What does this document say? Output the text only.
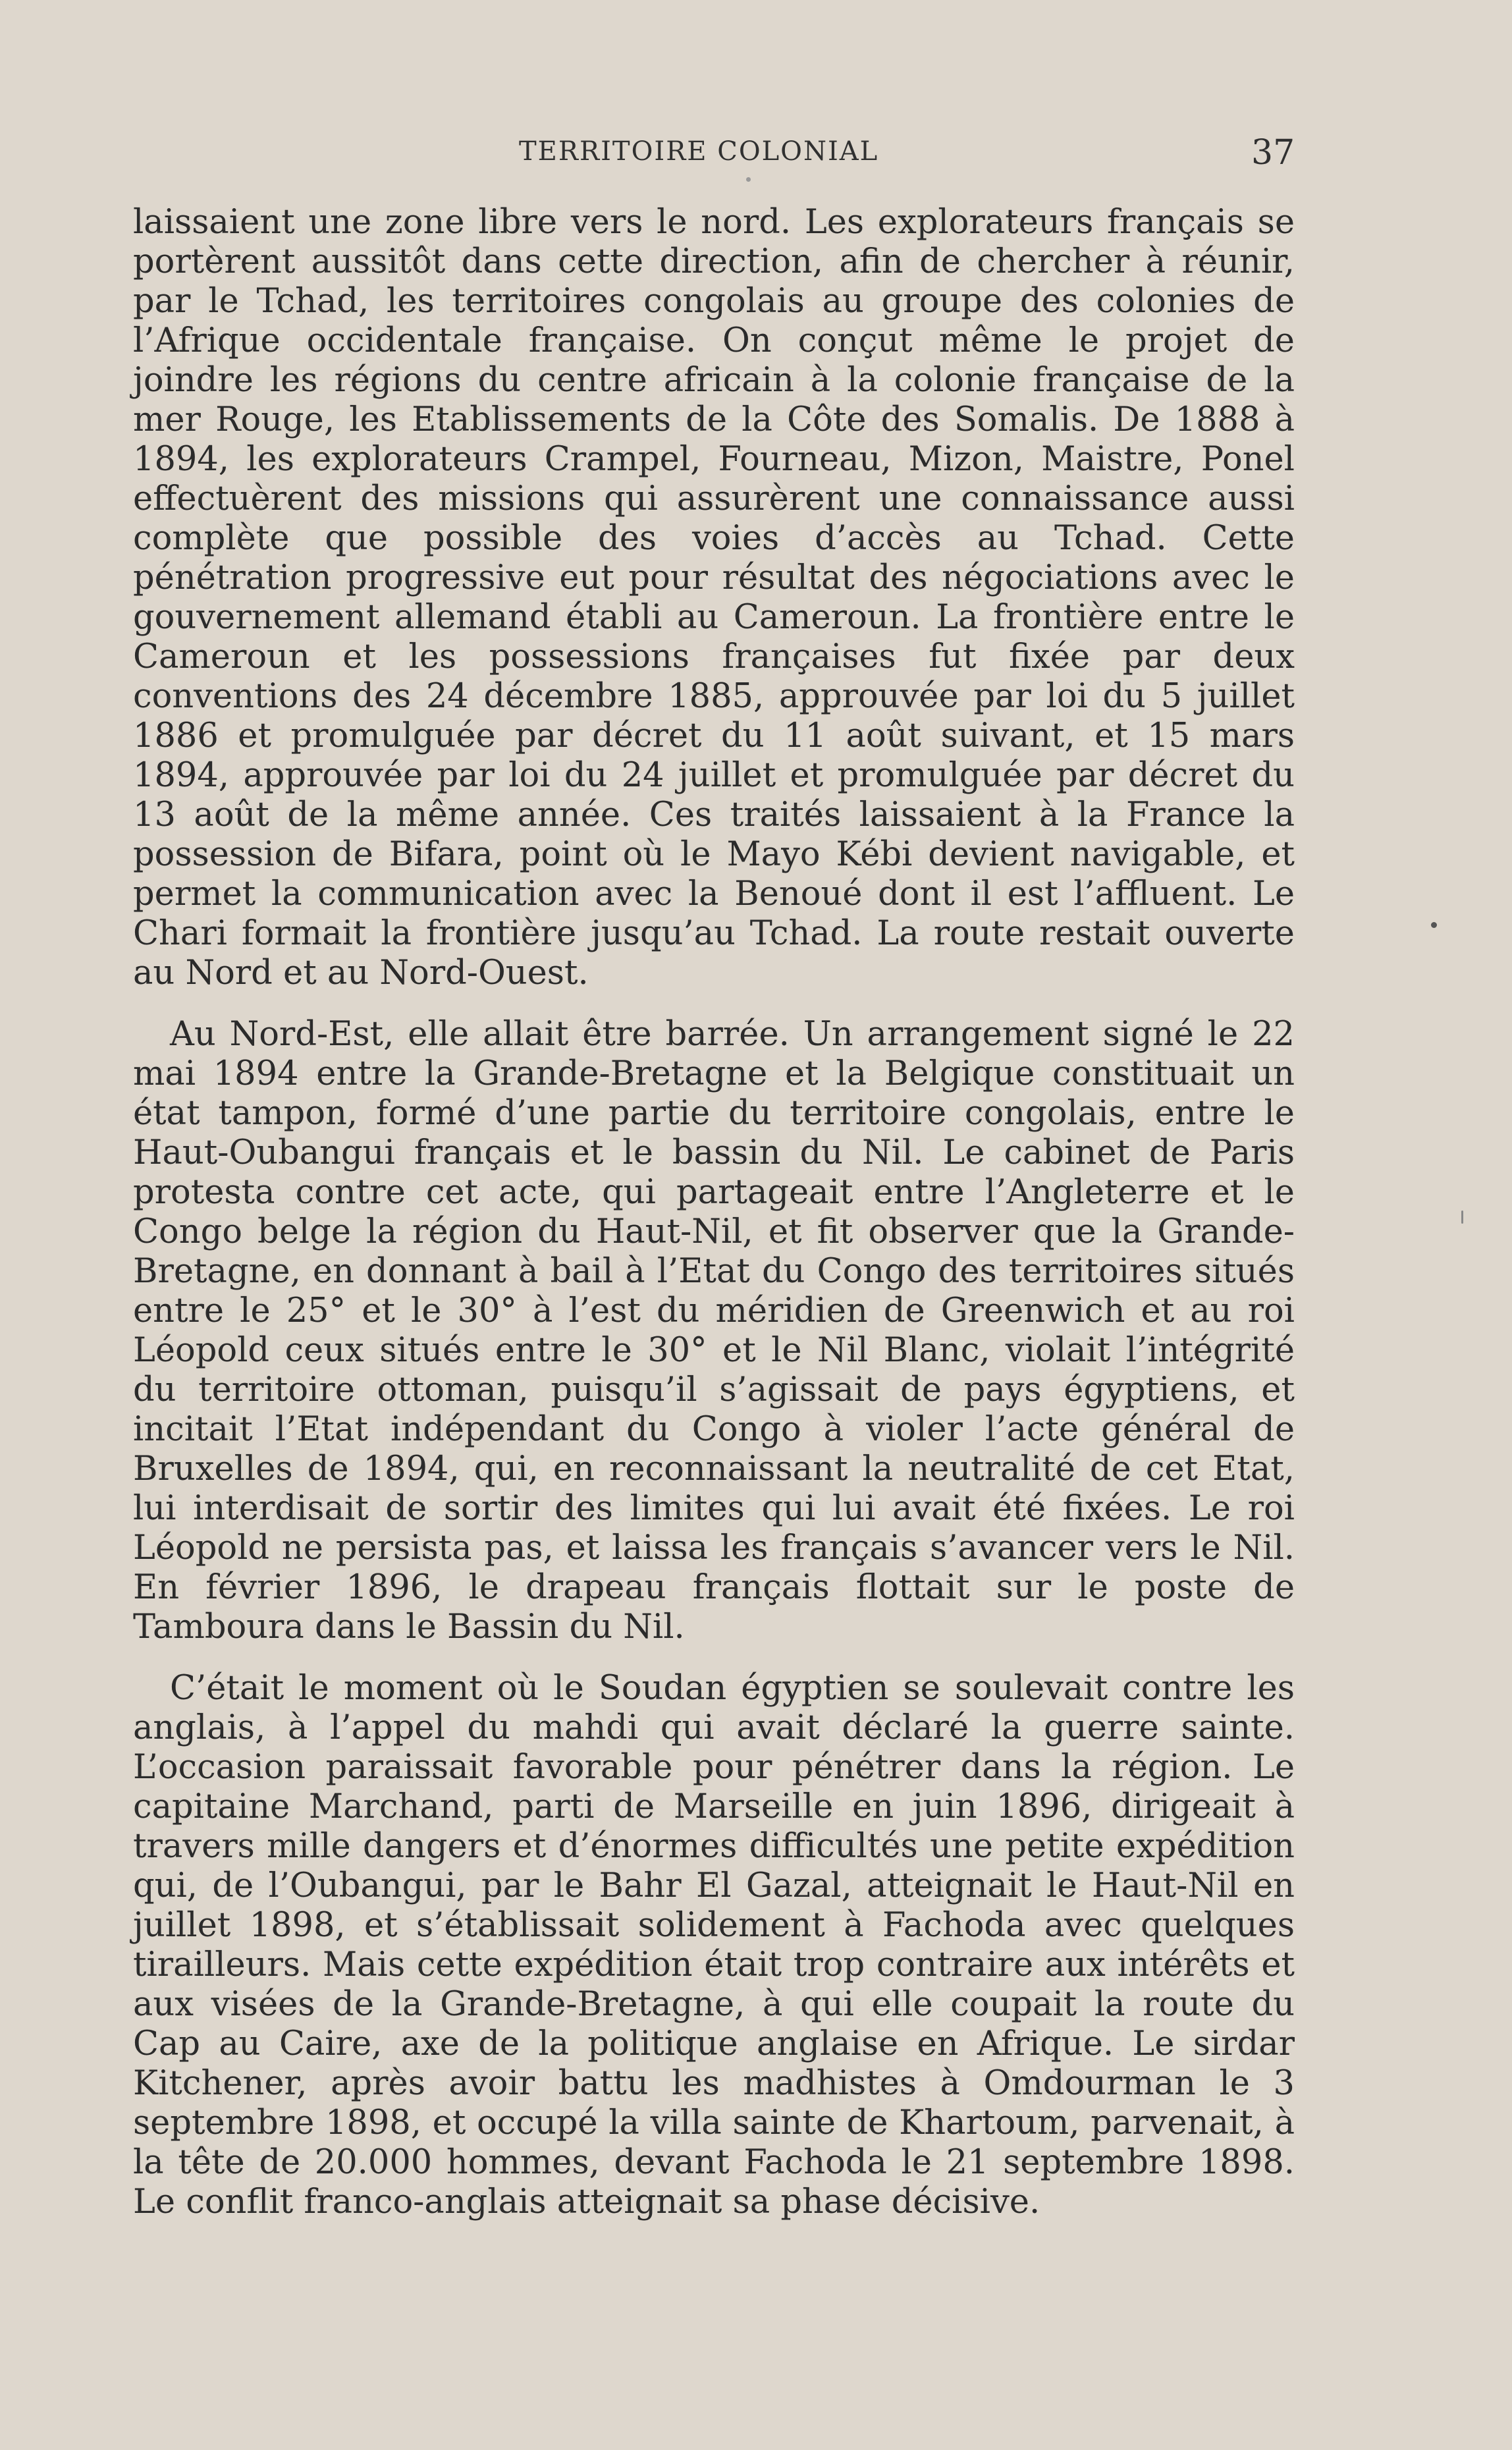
TERRITOIRE COLONIAL	37

laissaient une zone libre vers le nord. Les explorateurs français se portèrent aussitôt dans cette direction, afin de chercher à réunir, par le Tchad, les territoires congolais au groupe des colonies de l’Afrique occidentale française. On conçut même le projet de joindre les régions du centre africain à la colonie française de la mer Rouge, les Etablissements de la Côte des Somalis. De 1888 à 1894, les explorateurs Crampel, Fourneau, Mizon, Maistre, Ponel effectuèrent des missions qui assurèrent une connaissance aussi complète que possible des voies d’accès au Tchad. Cette pénétration progressive eut pour résultat des négociations avec le gouvernement allemand établi au Cameroun. La frontière entre le Cameroun et les possessions françaises fut fixée par deux conventions des 24 décembre 1885, approuvée par loi du 5 juillet 1886 et promulguée par décret du 11 août suivant, et 15 mars 1894, approuvée par loi du 24 juillet et promulguée par décret du 13 août de la même année. Ces traités laissaient à la France la possession de Bifara, point où le Mayo Kébi devient navigable, et permet la communication avec la Benoué dont il est l’affluent. Le Chari formait la frontière jusqu’au Tchad. La route restait ouverte au Nord et au Nord-Ouest.

Au Nord-Est, elle allait être barrée. Un arrangement signé le 22 mai 1894 entre la Grande-Bretagne et la Belgique constituait un état tampon, formé d’une partie du territoire congolais, entre le Haut-Oubangui français et le bassin du Nil. Le cabinet de Paris protesta contre cet acte, qui partageait entre l’Angleterre et le Congo belge la région du Haut-Nil, et fit observer que la Grande-Bretagne, en donnant à bail à l’Etat du Congo des territoires situés entre le 25° et le 30° à l’est du méridien de Greenwich et au roi Léopold ceux situés entre le 30° et le Nil Blanc, violait l’intégrité du territoire ottoman, puisqu’il s’agissait de pays égyptiens, et incitait l’Etat indépendant du Congo à violer l’acte général de Bruxelles de 1894, qui, en reconnaissant la neutralité de cet Etat, lui interdisait de sortir des limites qui lui avait été fixées. Le roi Léopold ne persista pas, et laissa les français s’avancer vers le Nil. En février 1896, le drapeau français flottait sur le poste de Tamboura dans le Bassin du Nil.

C’était le moment où le Soudan égyptien se soulevait contre les anglais, à l’appel du mahdi qui avait déclaré la guerre sainte. L’occasion paraissait favorable pour pénétrer dans la région. Le capitaine Marchand, parti de Marseille en juin 1896, dirigeait à travers mille dangers et d’énormes difficultés une petite expédition qui, de l’Oubangui, par le Bahr El Gazal, atteignait le Haut-Nil en juillet 1898, et s’établissait solidement à Fachoda avec quelques tirailleurs. Mais cette expédition était trop contraire aux intérêts et aux visées de la Grande-Bretagne, à qui elle coupait la route du Cap au Caire, axe de la politique anglaise en Afrique. Le sirdar Kitchener, après avoir battu les madhistes à Omdourman le 3 septembre 1898, et occupé la villa sainte de Khartoum, parvenait, à la tête de 20.000 hommes, devant Fachoda le 21 septembre 1898. Le conflit franco-anglais atteignait sa phase décisive.
